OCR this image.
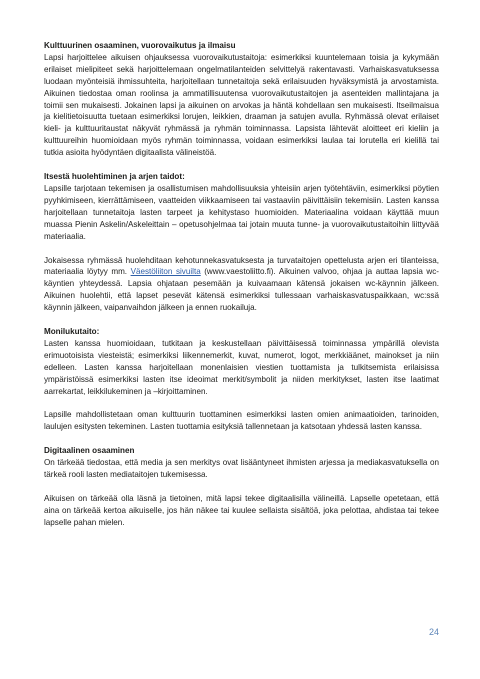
Kulttuurinen osaaminen, vuorovaikutus ja ilmaisu

Lapsi harjoittelee aikuisen ohjauksessa vuorovaikutustaitoja: esimerkiksi kuuntelemaan toisia ja kykymään erilaiset mielipiteet sekä harjoittelemaan ongelmatilanteiden selvittelyä rakentavasti. Varhaiskasvatuksessa luodaan myönteisiä ihmissuhteita, harjoitellaan tunnetaitoja sekä erilaisuuden hyväksymistä ja arvostamista. Aikuinen tiedostaa oman roolinsa ja ammatillisuutensa vuorovaikutustaitojen ja asenteiden mallintajana ja toimii sen mukaisesti. Jokainen lapsi ja aikuinen on arvokas ja häntä kohdellaan sen mukaisesti. Itseilmaisua ja kielitietoisuutta tuetaan esimerkiksi lorujen, leikkien, draaman ja satujen avulla. Ryhmässä olevat erilaiset kieli- ja kulttuuritaustat näkyvät ryhmässä ja ryhmän toiminnassa. Lapsista lähtevät aloitteet eri kieliin ja kulttuureihin huomioidaan myös ryhmän toiminnassa, voidaan esimerkiksi laulaa tai lorutella eri kielillä tai tutkia asioita hyödyntäen digitaalista välineistöä.

Itsestä huolehtiminen ja arjen taidot:

Lapsille tarjotaan tekemisen ja osallistumisen mahdollisuuksia yhteisiin arjen työtehtäviin, esimerkiksi pöytien pyyhkimiseen, kierrättämiseen, vaatteiden viikkaamiseen tai vastaaviin päivittäisiin tekemisiin. Lasten kanssa harjoitellaan tunnetaitoja lasten tarpeet ja kehitystaso huomioiden. Materiaalina voidaan käyttää muun muassa Pienin Askelin/Askeleittain – opetusohjelmaa tai jotain muuta tunne- ja vuorovaikutustaitoihin liittyvää materiaalia.

Jokaisessa ryhmässä huolehditaan kehotunnekasvatuksesta ja turvataitojen opettelusta arjen eri tilanteissa, materiaalia löytyy mm. Väestöliiton sivuilta (www.vaestoliitto.fi). Aikuinen valvoo, ohjaa ja auttaa lapsia wc-käyntien yhteydessä. Lapsia ohjataan pesemään ja kuivaamaan kätensä jokaisen wc-käynnin jälkeen. Aikuinen huolehtii, että lapset pesevät kätensä esimerkiksi tullessaan varhaiskasvatuspaikkaan, wc:ssä käynnin jälkeen, vaipanvaihdon jälkeen ja ennen ruokailuja.

Monilukutaito:

Lasten kanssa huomioidaan, tutkitaan ja keskustellaan päivittäisessä toiminnassa ympärillä olevista erimuotoisista viesteistä; esimerkiksi liikennemerkit, kuvat, numerot, logot, merkkiäänet, mainokset ja niin edelleen. Lasten kanssa harjoitellaan monenlaisien viestien tuottamista ja tulkitsemista erilaisissa ympäristöissä esimerkiksi lasten itse ideoimat merkit/symbolit ja niiden merkitykset, lasten itse laatimat aarrekartat, leikkilukeminen ja –kirjoittaminen.

Lapsille mahdollistetaan oman kulttuurin tuottaminen esimerkiksi lasten omien animaatioiden, tarinoiden, laulujen esitysten tekeminen. Lasten tuottamia esityksiä tallennetaan ja katsotaan yhdessä lasten kanssa.

Digitaalinen osaaminen

On tärkeää tiedostaa, että media ja sen merkitys ovat lisääntyneet ihmisten arjessa ja mediakasvatuksella on tärkeä rooli lasten mediataitojen tukemisessa.

Aikuisen on tärkeää olla läsnä ja tietoinen, mitä lapsi tekee digitaalisilla välineillä. Lapselle opetetaan, että aina on tärkeää kertoa aikuiselle, jos hän näkee tai kuulee sellaista sisältöä, joka pelottaa, ahdistaa tai tekee lapselle pahan mielen.

24
